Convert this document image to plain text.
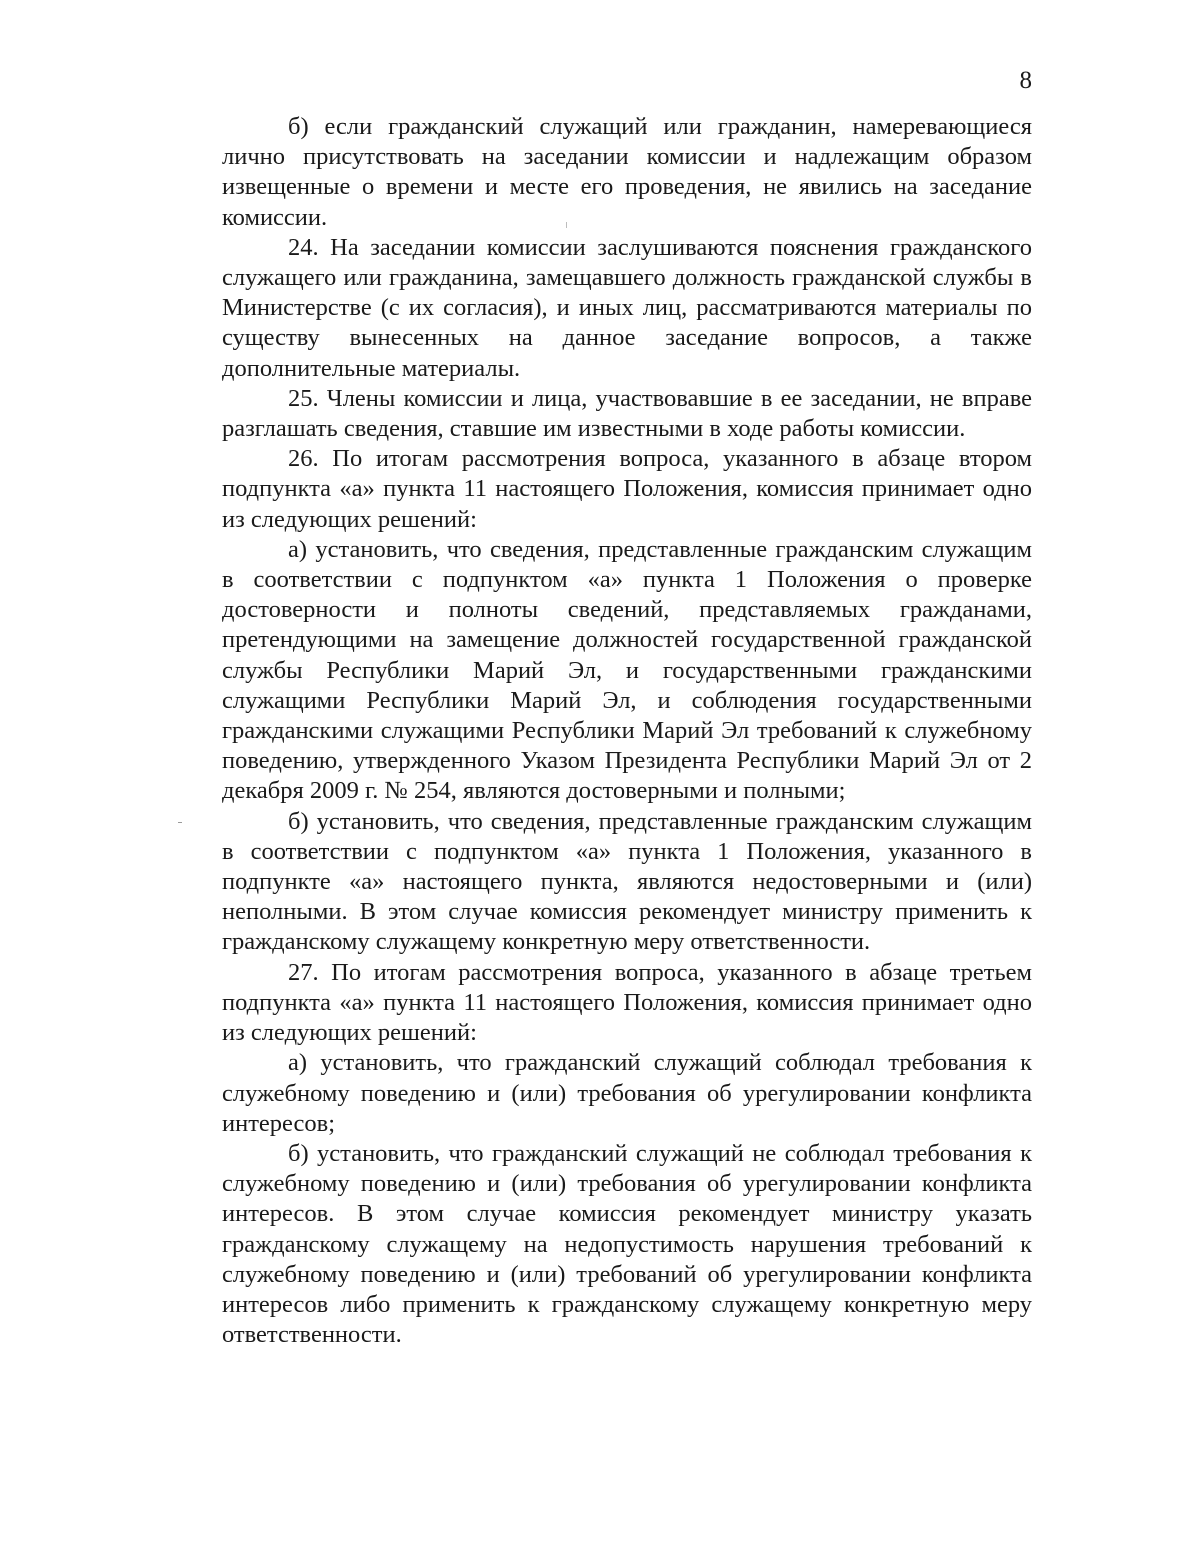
8

б) если гражданский служащий или гражданин, намеревающиеся лично присутствовать на заседании комиссии и надлежащим образом извещенные о времени и месте его проведения, не явились на заседание комиссии.

24. На заседании комиссии заслушиваются пояснения гражданского служащего или гражданина, замещавшего должность гражданской службы в Министерстве (с их согласия), и иных лиц, рассматриваются материалы по существу вынесенных на данное заседание вопросов, а также дополнительные материалы.

25. Члены комиссии и лица, участвовавшие в ее заседании, не вправе разглашать сведения, ставшие им известными в ходе работы комиссии.

26. По итогам рассмотрения вопроса, указанного в абзаце втором подпункта «а» пункта 11 настоящего Положения, комиссия принимает одно из следующих решений:

а) установить, что сведения, представленные гражданским служащим в соответствии с подпунктом «а» пункта 1 Положения о проверке достоверности и полноты сведений, представляемых гражданами, претендующими на замещение должностей государственной гражданской службы Республики Марий Эл, и государственными гражданскими служащими Республики Марий Эл, и соблюдения государственными гражданскими служащими Республики Марий Эл требований к служебному поведению, утвержденного Указом Президента Республики Марий Эл от 2 декабря 2009 г. № 254, являются достоверными и полными;

б) установить, что сведения, представленные гражданским служащим в соответствии с подпунктом «а» пункта 1 Положения, указанного в подпункте «а» настоящего пункта, являются недостоверными и (или) неполными. В этом случае комиссия рекомендует министру применить к гражданскому служащему конкретную меру ответственности.

27. По итогам рассмотрения вопроса, указанного в абзаце третьем подпункта «а» пункта 11 настоящего Положения, комиссия принимает одно из следующих решений:

а) установить, что гражданский служащий соблюдал требования к служебному поведению и (или) требования об урегулировании конфликта интересов;

б) установить, что гражданский служащий не соблюдал требования к служебному поведению и (или) требования об урегулировании конфликта интересов. В этом случае комиссия рекомендует министру указать гражданскому служащему на недопустимость нарушения требований к служебному поведению и (или) требований об урегулировании конфликта интересов либо применить к гражданскому служащему конкретную меру ответственности.
